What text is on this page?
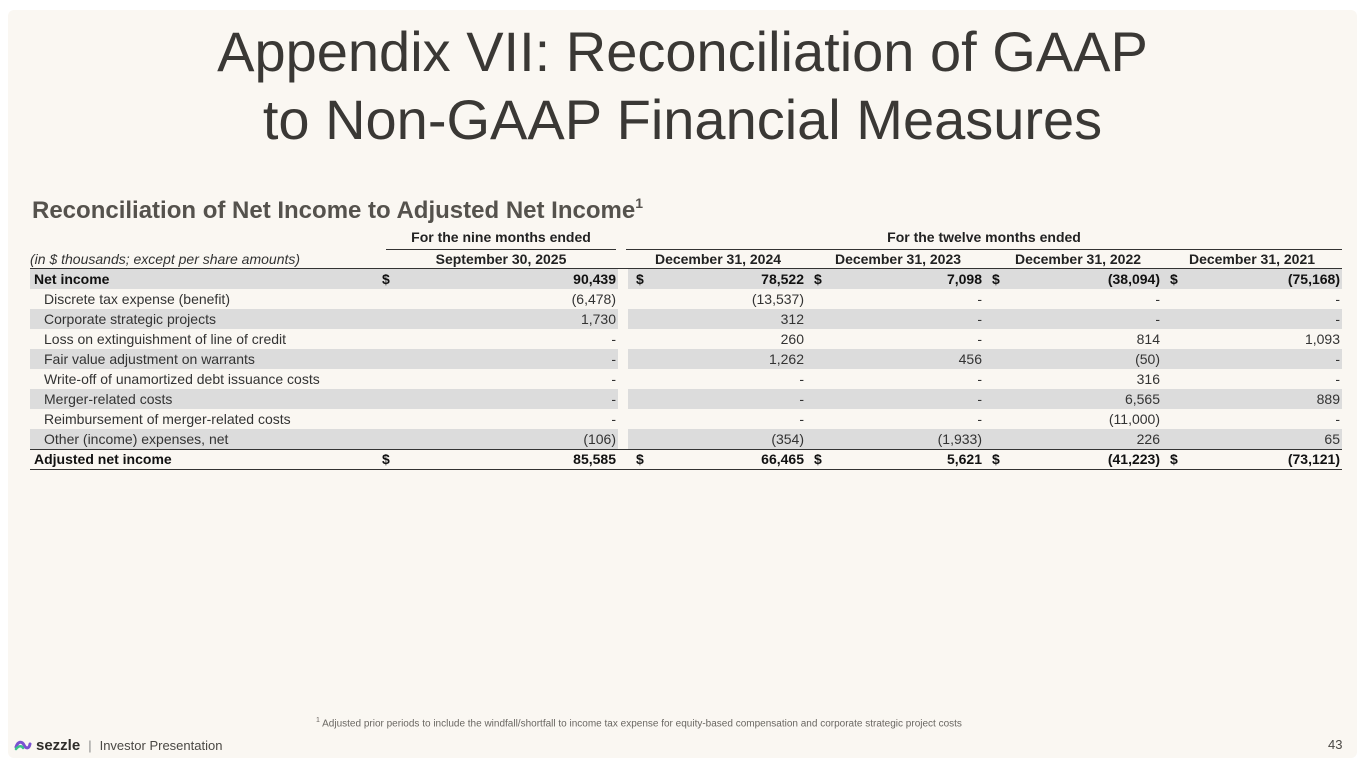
Appendix VII: Reconciliation of GAAP
to Non-GAAP Financial Measures
Reconciliation of Net Income to Adjusted Net Income$^1$
For the nine months ended	For the twelve months ended
(in $ thousands; except per share amounts)	September 30, 2025	December 31, 2024	December 31, 2023	December 31, 2022	December 31, 2021
Net income	$	90,439 $	78,522 $	7,098 $	(38,094) $	(75,168)
Discrete tax expense (benefit)	(6,478)	(13,537)	-	-	-
Corporate strategic projects	1,730	312	-	-	-
Loss on extinguishment of line of credit	-	260	-	814	1,093
Fair value adjustment on warrants	-	1,262	456	(50)	-
Write-off of unamortized debt issuance costs	-	-	-	316	-
Merger-related costs	-	-	-	6,565	889
Reimbursement of merger-related costs	-	-	-	(11,000)	-
Other (income) expenses, net	(106)	(354)	(1,933)	226	65
Adjusted net income	$	85,585 $	66,465 $	5,621 $	(41,223) $	(73,121)
$^1$ Adjusted prior periods to include the windfall/shortfall to income tax expense for equity-based compensation and corporate strategic project costs
sezzle | Investor Presentation	43
